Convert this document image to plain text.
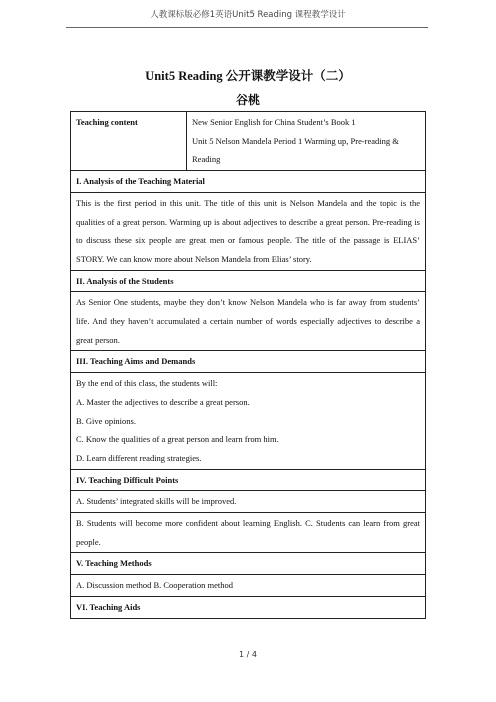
人教课标版必修1英语Unit5 Reading 课程教学设计
Unit5 Reading 公开课教学设计（二）
谷桃
Teaching content	New Senior English for China Student’s Book 1
Unit 5 Nelson Mandela Period 1 Warming up, Pre-reading & Reading

I. Analysis of the Teaching Material
This is the first period in this unit. The title of this unit is Nelson Mandela and the topic is the qualities of a great person. Warming up is about adjectives to describe a great person. Pre-reading is to discuss these six people are great men or famous people. The title of the passage is ELIAS’ STORY. We can know more about Nelson Mandela from Elias’ story.
II. Analysis of the Students
As Senior One students, maybe they don’t know Nelson Mandela who is far away from students’ life. And they haven’t accumulated a certain number of words especially adjectives to describe a great person.
III. Teaching Aims and Demands

By the end of this class, the students will:
A. Master the adjectives to describe a great person.
B. Give opinions.
C. Know the qualities of a great person and learn from him.
D. Learn different reading strategies.

IV. Teaching Difficult Points
A. Students’ integrated skills will be improved.
B. Students will become more confident about learning English. C. Students can learn from great people.
V. Teaching Methods
A. Discussion method B. Cooperation method
VI. Teaching Aids
1 / 4
